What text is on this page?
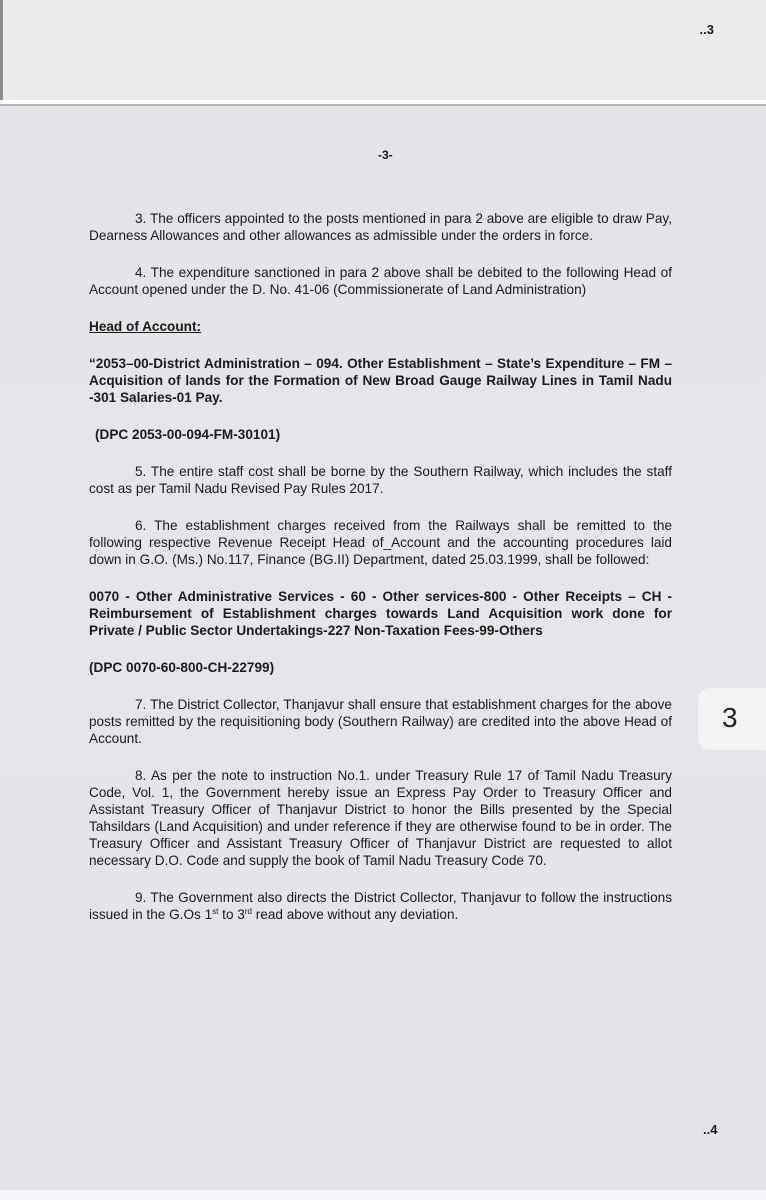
..3
-3-

3. The officers appointed to the posts mentioned in para 2 above are eligible to draw Pay, Dearness Allowances and other allowances as admissible under the orders in force.

4. The expenditure sanctioned in para 2 above shall be debited to the following Head of Account opened under the D. No. 41-06 (Commissionerate of Land Administration)

Head of Account:

“2053–00-District Administration – 094. Other Establishment – State’s Expenditure – FM – Acquisition of lands for the Formation of New Broad Gauge Railway Lines in Tamil Nadu -301 Salaries-01 Pay.

(DPC 2053-00-094-FM-30101)

5. The entire staff cost shall be borne by the Southern Railway, which includes the staff cost as per Tamil Nadu Revised Pay Rules 2017.

6. The establishment charges received from the Railways shall be remitted to the following respective Revenue Receipt Head of_Account and the accounting procedures laid down in G.O. (Ms.) No.117, Finance (BG.II) Department, dated 25.03.1999, shall be followed:

0070 - Other Administrative Services - 60 - Other services-800 - Other Receipts – CH - Reimbursement of Establishment charges towards Land Acquisition work done for Private / Public Sector Undertakings-227 Non-Taxation Fees-99-Others

(DPC 0070-60-800-CH-22799)

7. The District Collector, Thanjavur shall ensure that establishment charges for the above posts remitted by the requisitioning body (Southern Railway) are credited into the above Head of Account.

8. As per the note to instruction No.1. under Treasury Rule 17 of Tamil Nadu Treasury Code, Vol. 1, the Government hereby issue an Express Pay Order to Treasury Officer and Assistant Treasury Officer of Thanjavur District to honor the Bills presented by the Special Tahsildars (Land Acquisition) and under reference if they are otherwise found to be in order. The Treasury Officer and Assistant Treasury Officer of Thanjavur District are requested to allot necessary D.O. Code and supply the book of Tamil Nadu Treasury Code 70.

9. The Government also directs the District Collector, Thanjavur to follow the instructions issued in the G.Os 1st to 3rd read above without any deviation.

3
..4
